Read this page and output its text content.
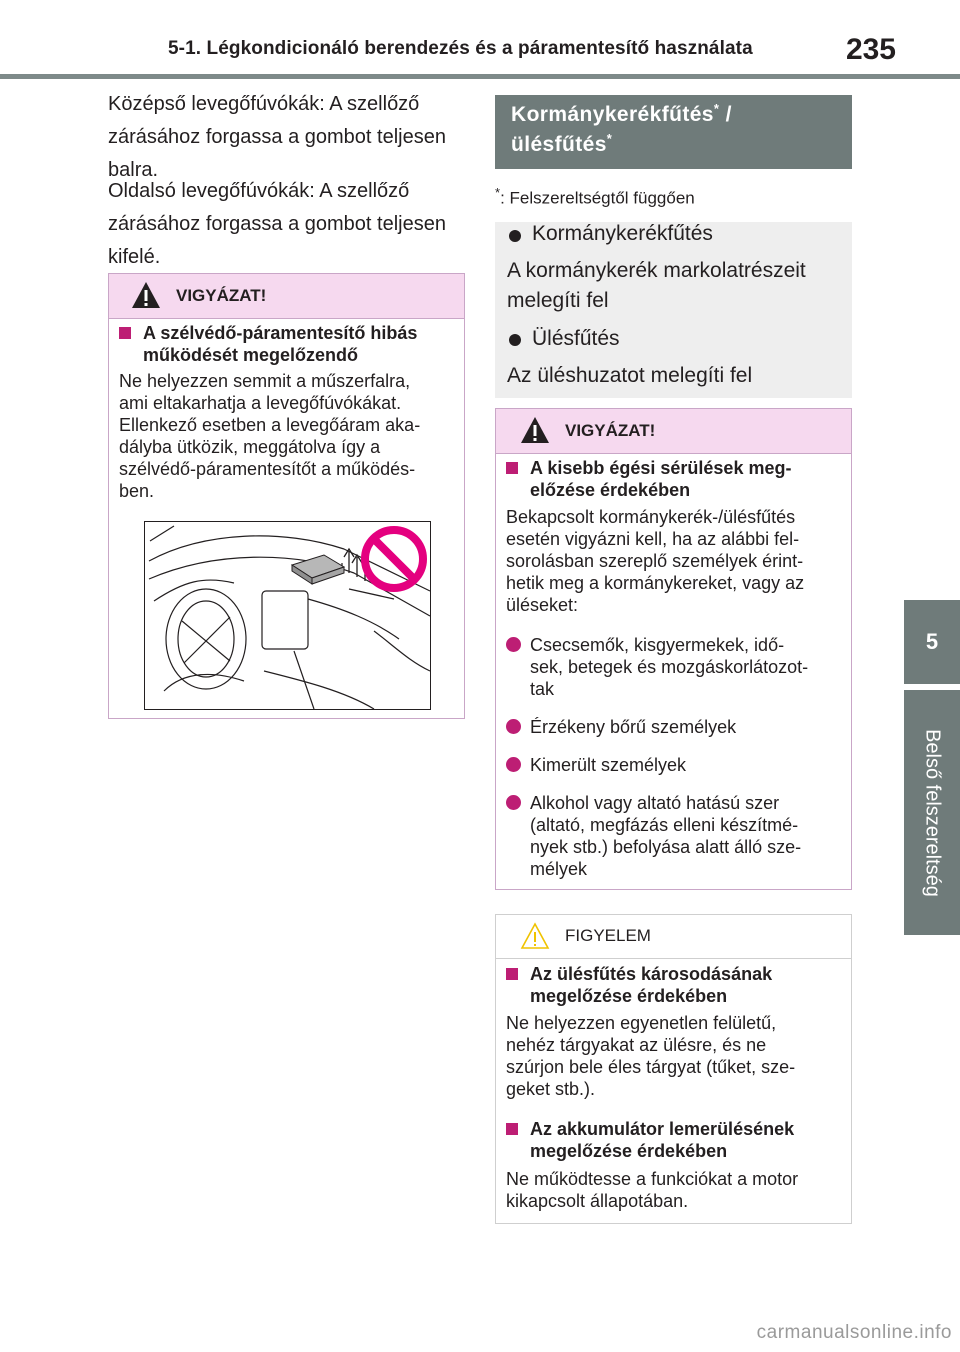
5-1. Légkondicionáló berendezés és a páramentesítő használata	235
5
Belső felszereltség
Középső levegőfúvókák: A szellőző
zárásához forgassa a gombot teljesen
balra.
Oldalsó levegőfúvókák: A szellőző
zárásához forgassa a gombot teljesen
kifelé.
VIGYÁZAT!
A szélvédő-páramentesítő hibás
működését megelőzendő
Ne helyezzen semmit a műszerfalra,
ami eltakarhatja a levegőfúvókákat.
Ellenkező esetben a levegőáram aka-
dályba ütközik, meggátolva így a
szélvédő-páramentesítőt a működés-
ben.
Kormánykerékfűtés* /
ülésfűtés*
*: Felszereltségtől függően
Kormánykerékfűtés
A kormánykerék markolatrészeit
melegíti fel
Ülésfűtés
Az üléshuzatot melegíti fel
VIGYÁZAT!
A kisebb égési sérülések meg-
előzése érdekében
Bekapcsolt kormánykerék-/ülésfűtés
esetén vigyázni kell, ha az alábbi fel-
sorolásban szereplő személyek érint-
hetik meg a kormánykereket, vagy az
üléseket:
Csecsemők, kisgyermekek, idő-
sek, betegek és mozgáskorlátozot-
tak
Érzékeny bőrű személyek
Kimerült személyek
Alkohol vagy altató hatású szer
(altató, megfázás elleni készítmé-
nyek stb.) befolyása alatt álló sze-
mélyek
FIGYELEM
Az ülésfűtés károsodásának
megelőzése érdekében
Ne helyezzen egyenetlen felületű,
nehéz tárgyakat az ülésre, és ne
szúrjon bele éles tárgyat (tűket, sze-
geket stb.).
Az akkumulátor lemerülésének
megelőzése érdekében
Ne működtesse a funkciókat a motor
kikapcsolt állapotában.
carmanualsonline.info
